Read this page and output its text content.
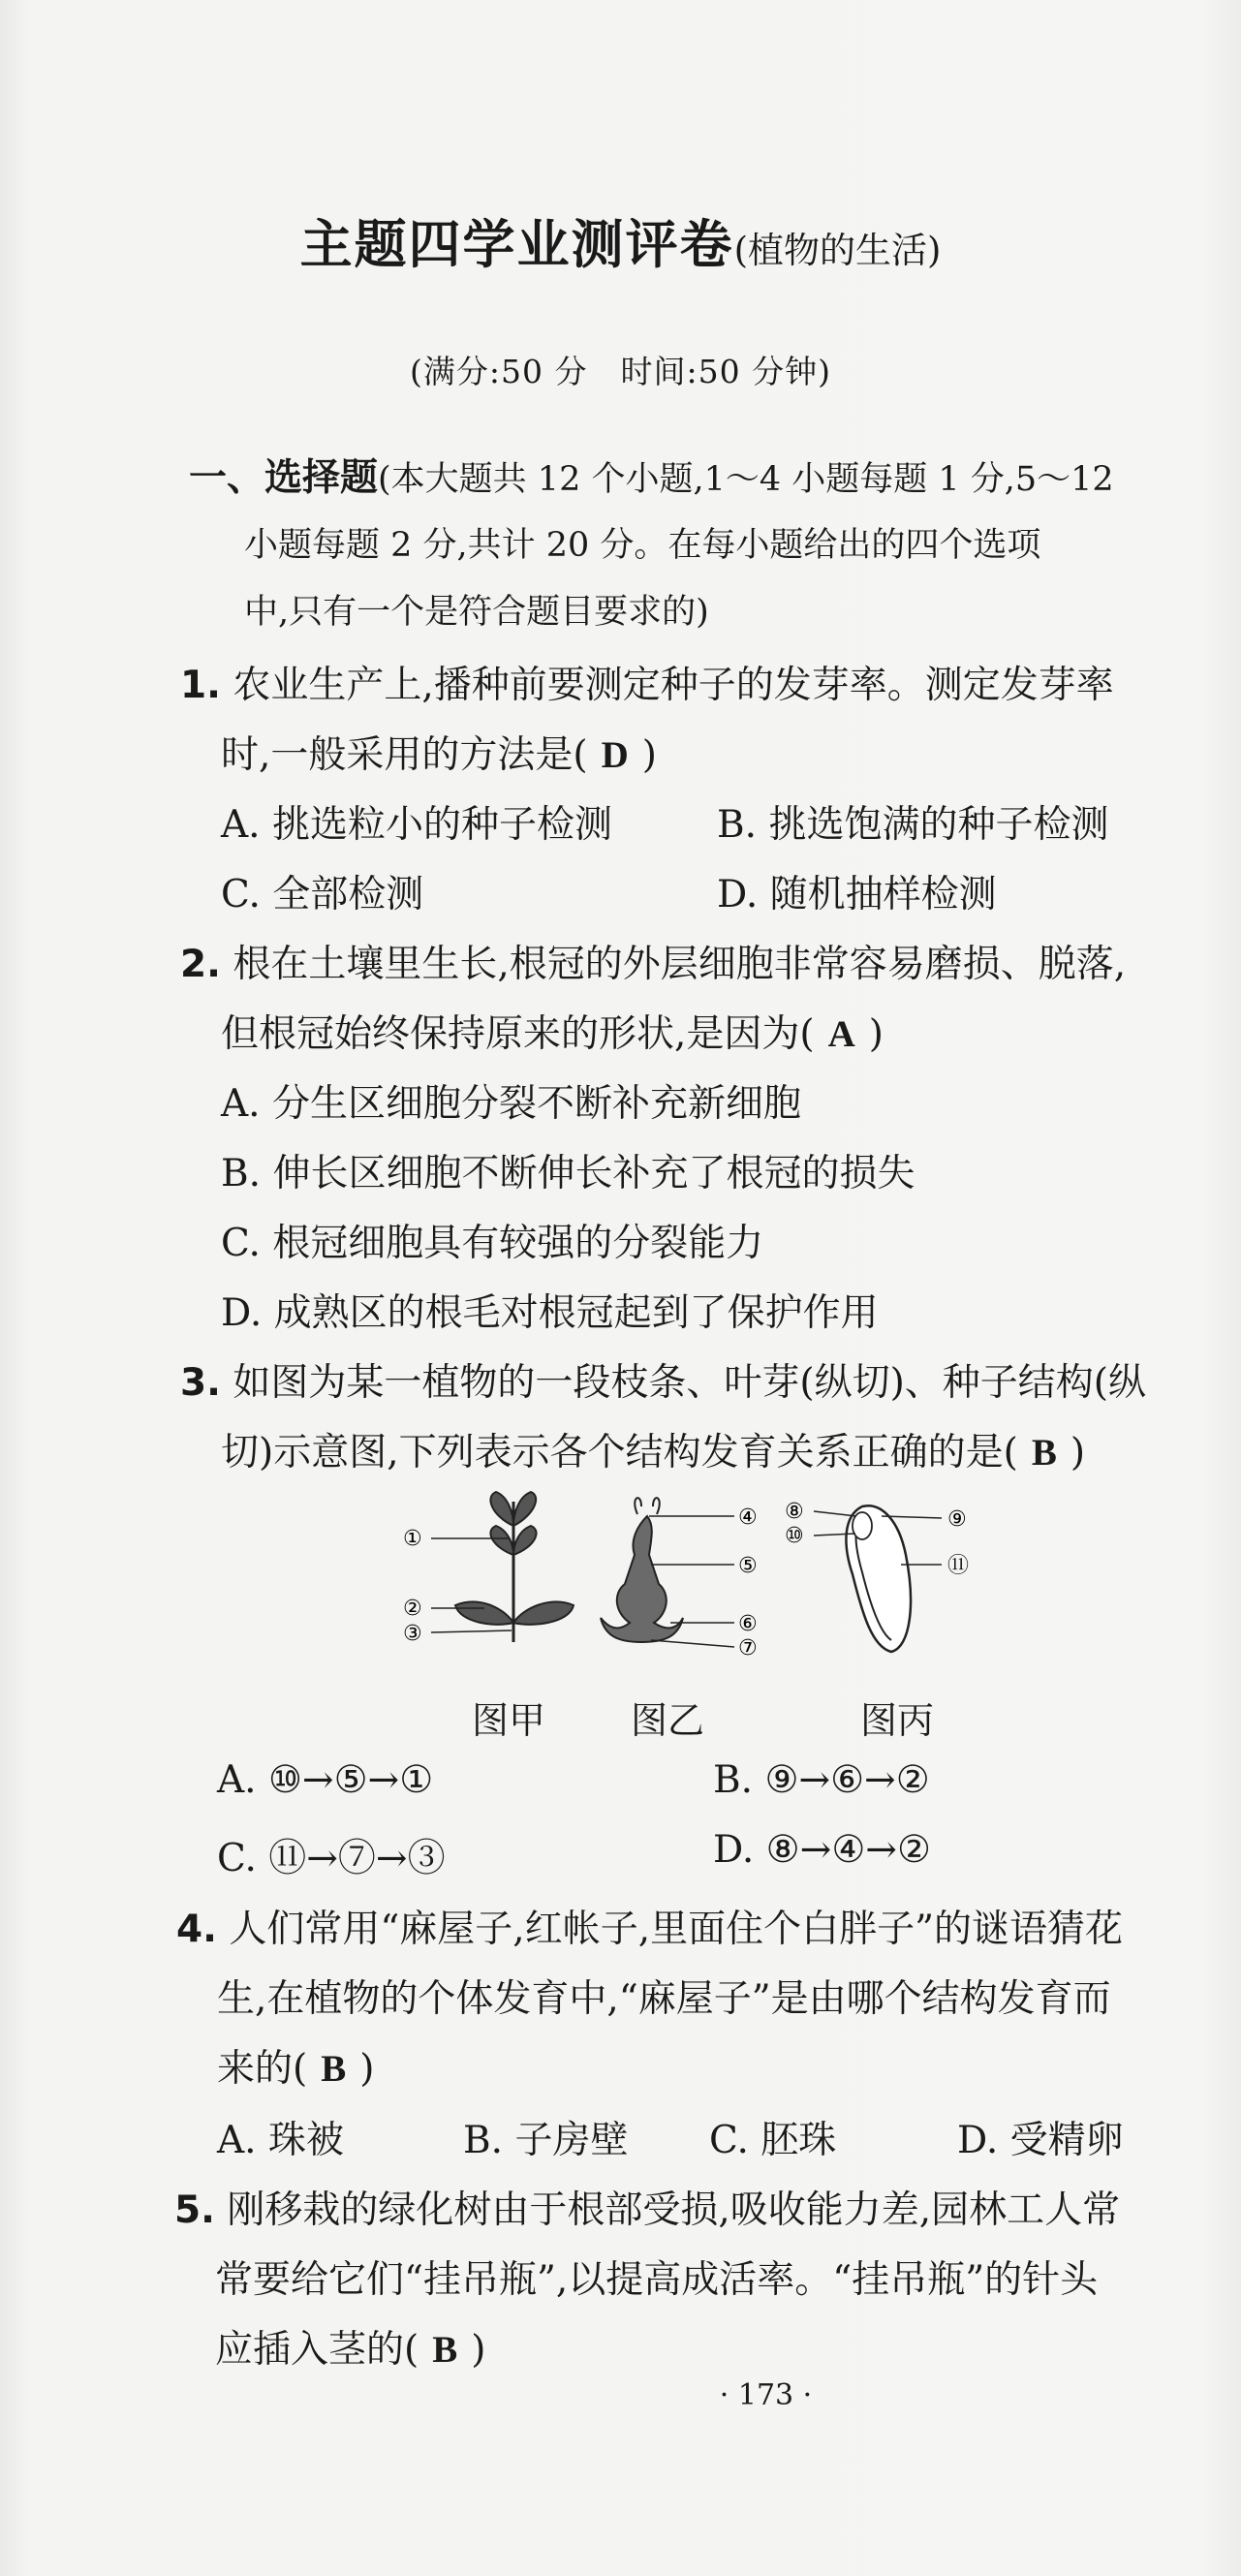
主题四学业测评卷(植物的生活)
(满分:50 分　时间:50 分钟)
一、选择题(本大题共 12 个小题,1～4 小题每题 1 分,5～12
小题每题 2 分,共计 20 分。在每小题给出的四个选项
中,只有一个是符合题目要求的)
1. 农业生产上,播种前要测定种子的发芽率。测定发芽率
时,一般采用的方法是( D )
A. 挑选粒小的种子检测	B. 挑选饱满的种子检测
C. 全部检测	D. 随机抽样检测
2. 根在土壤里生长,根冠的外层细胞非常容易磨损、脱落,
但根冠始终保持原来的形状,是因为( A )
A. 分生区细胞分裂不断补充新细胞
B. 伸长区细胞不断伸长补充了根冠的损失
C. 根冠细胞具有较强的分裂能力
D. 成熟区的根毛对根冠起到了保护作用
3. 如图为某一植物的一段枝条、叶芽(纵切)、种子结构(纵
切)示意图,下列表示各个结构发育关系正确的是( B )
①
②
③
④
⑤
⑥
⑦
⑧	⑨
⑩
⑪
图甲 图乙	图丙
A. ⑩→⑤→①	B. ⑨→⑥→②
C. ⑪→⑦→③	D. ⑧→④→②
4. 人们常用“麻屋子,红帐子,里面住个白胖子”的谜语猜花
生,在植物的个体发育中,“麻屋子”是由哪个结构发育而
来的( B )
A. 珠被	B. 子房壁 C. 胚珠	D. 受精卵
5. 刚移栽的绿化树由于根部受损,吸收能力差,园林工人常
常要给它们“挂吊瓶”,以提高成活率。“挂吊瓶”的针头
应插入茎的( B )
· 173 ·
